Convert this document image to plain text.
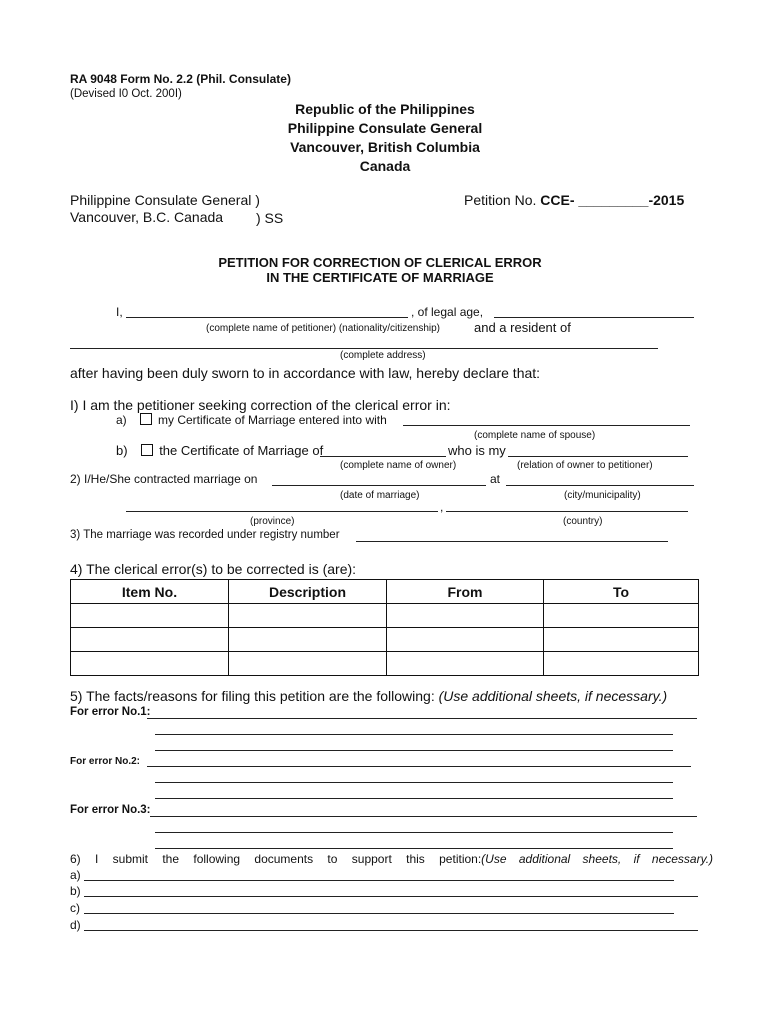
RA 9048 Form No. 2.2 (Phil. Consulate)
(Devised I0 Oct. 200I)
Republic of the Philippines
Philippine Consulate General
Vancouver, British Columbia
Canada
Philippine Consulate General )
Vancouver, B.C. Canada ) SS
Petition No. CCE- _________-2015
PETITION FOR CORRECTION OF CLERICAL ERROR
IN THE CERTIFICATE OF MARRIAGE
I,	, of legal age,
(complete name of petitioner) (nationality/citizenship)	and a resident of
(complete address)
after having been duly sworn to in accordance with law, hereby declare that:
I) I am the petitioner seeking correction of the clerical error in:
a)	my Certificate of Marriage entered into with
(complete name of spouse)
b) the Certificate of Marriage of	who is my
(complete name of owner)	(relation of owner to petitioner)
2) I/He/She contracted marriage on	at
(date of marriage)	(city/municipality)
,
(province)	(country)
3) The marriage was recorded under registry number
4) The clerical error(s) to be corrected is (are):
Item No.	Description	From	To

5) The facts/reasons for filing this petition are the following: (Use additional sheets, if necessary.)
For error No.1:
For error No.2:
For error No.3:
6) I submit the following documents to support this petition: (Use additional sheets, if necessary.)
a)
b)
c)
d)
